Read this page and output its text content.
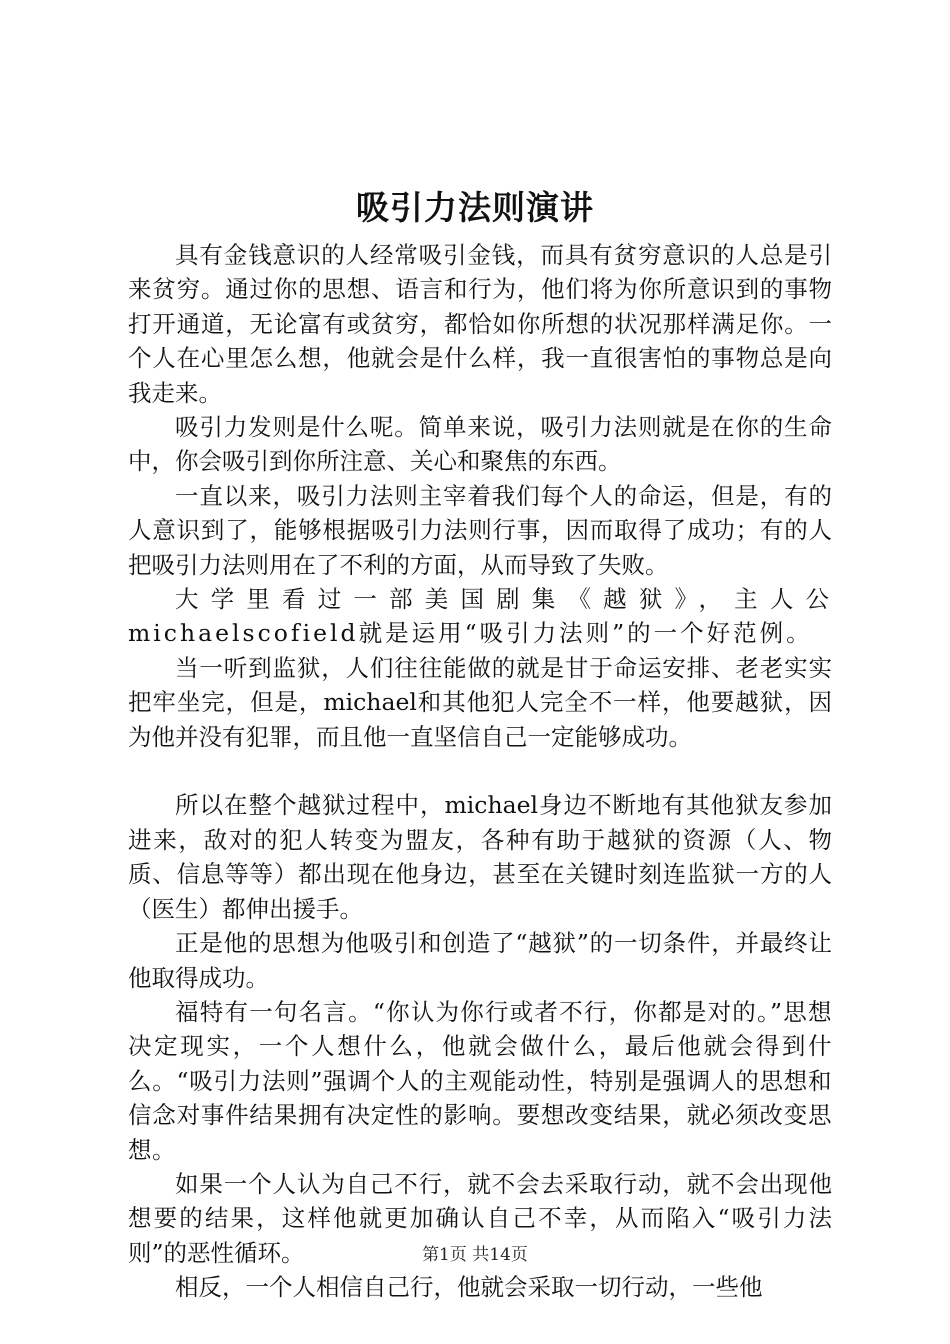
吸引力法则演讲

具有金钱意识的人经常吸引金钱，而具有贫穷意识的人总是引来贫穷。通过你的思想、语言和行为，他们将为你所意识到的事物打开通道，无论富有或贫穷，都恰如你所想的状况那样满足你。一个人在心里怎么想，他就会是什么样，我一直很害怕的事物总是向我走来。

吸引力发则是什么呢。简单来说，吸引力法则就是在你的生命中，你会吸引到你所注意、关心和聚焦的东西。

一直以来，吸引力法则主宰着我们每个人的命运，但是，有的人意识到了，能够根据吸引力法则行事，因而取得了成功；有的人把吸引力法则用在了不利的方面，从而导致了失败。

大学里看过一部美国剧集《越狱》，主人公michaelscofield就是运用“吸引力法则”的一个好范例。

当一听到监狱，人们往往能做的就是甘于命运安排、老老实实把牢坐完，但是，michael和其他犯人完全不一样，他要越狱，因为他并没有犯罪，而且他一直坚信自己一定能够成功。

所以在整个越狱过程中，michael身边不断地有其他狱友参加进来，敌对的犯人转变为盟友，各种有助于越狱的资源（人、物质、信息等等）都出现在他身边，甚至在关键时刻连监狱一方的人（医生）都伸出援手。

正是他的思想为他吸引和创造了“越狱”的一切条件，并最终让他取得成功。

福特有一句名言。“你认为你行或者不行，你都是对的。”思想决定现实，一个人想什么，他就会做什么，最后他就会得到什么。“吸引力法则”强调个人的主观能动性，特别是强调人的思想和信念对事件结果拥有决定性的影响。要想改变结果，就必须改变思想。

如果一个人认为自己不行，就不会去采取行动，就不会出现他想要的结果，这样他就更加确认自己不幸，从而陷入“吸引力法则”的恶性循环。

相反，一个人相信自己行，他就会采取一切行动，一些他

第1页 共14页
